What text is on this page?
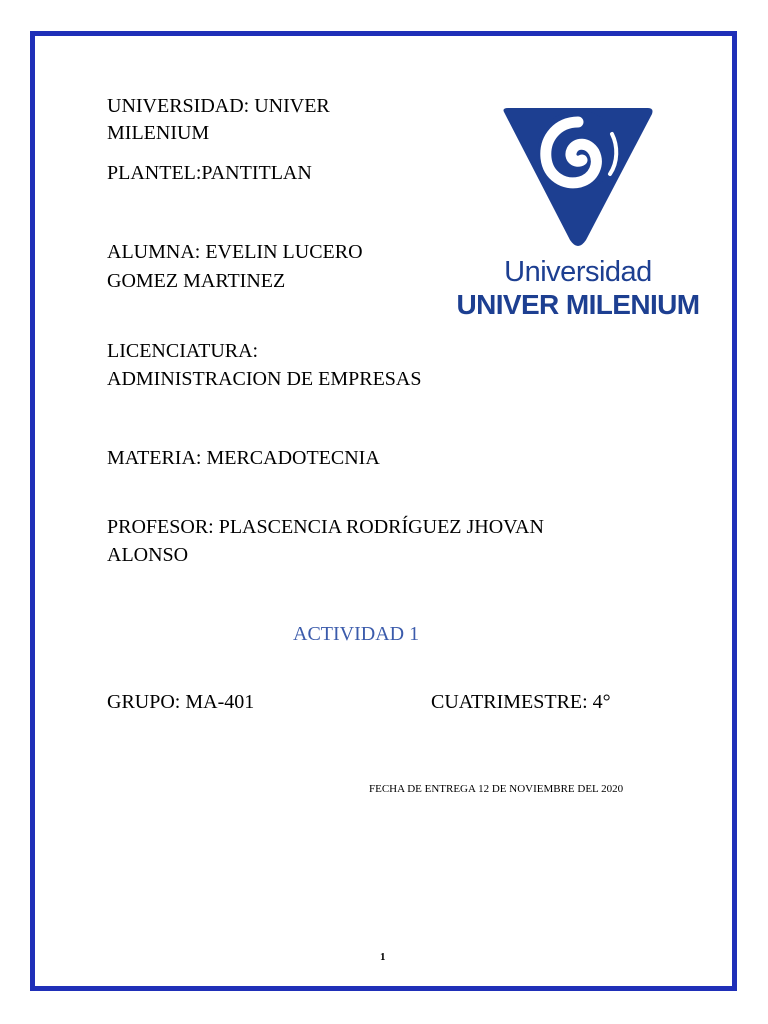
UNIVERSIDAD: UNIVER

MILENIUM

PLANTEL:PANTITLAN

ALUMNA: EVELIN LUCERO

GOMEZ MARTINEZ

LICENCIATURA:

ADMINISTRACION DE EMPRESAS

MATERIA: MERCADOTECNIA

PROFESOR: PLASCENCIA RODRÍGUEZ JHOVAN

ALONSO

ACTIVIDAD 1

GRUPO: MA-401	CUATRIMESTRE: 4°

FECHA DE ENTREGA 12 DE NOVIEMBRE DEL 2020

1

Universidad
UNIVER MILENIUM
